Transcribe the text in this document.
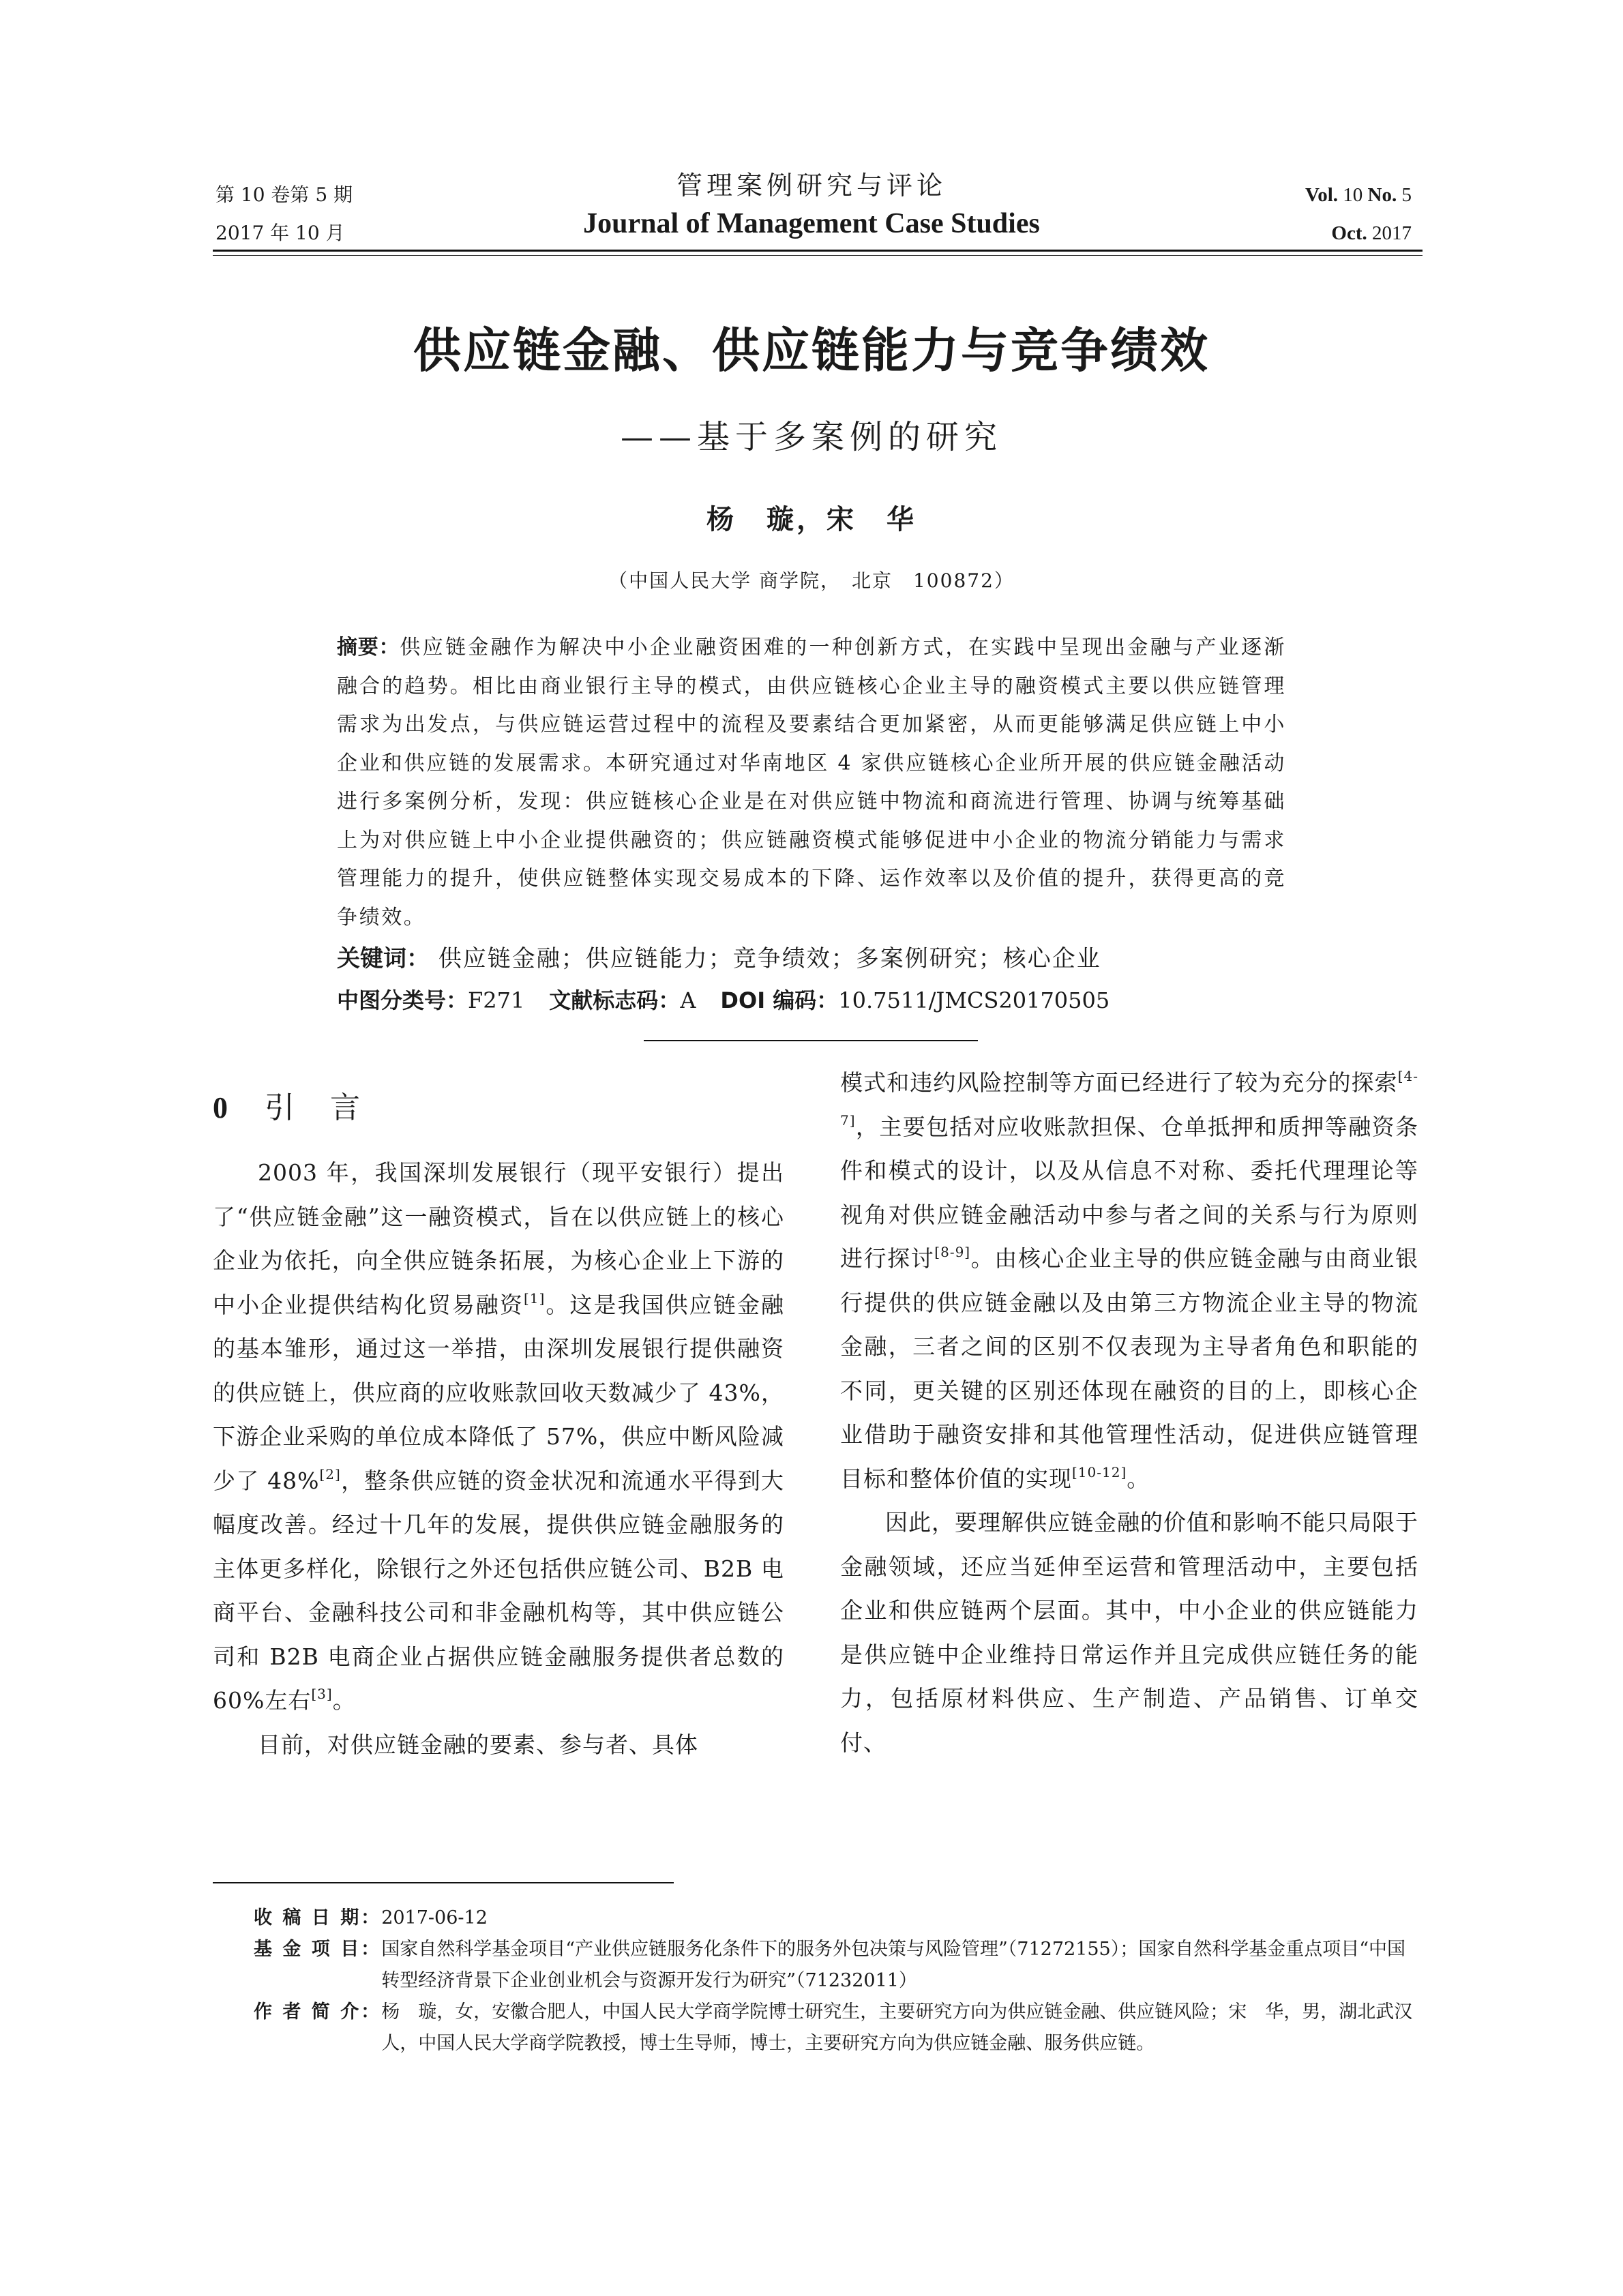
第 10 卷第 5 期
2017 年 10 月
管理案例研究与评论
Journal of Management Case Studies
Vol. 10 No. 5
Oct. 2017
供应链金融、供应链能力与竞争绩效
——基于多案例的研究
杨　璇，宋　华
（中国人民大学 商学院，　北京　100872）
摘要：供应链金融作为解决中小企业融资困难的一种创新方式，在实践中呈现出金融与产业逐渐融合的趋势。相比由商业银行主导的模式，由供应链核心企业主导的融资模式主要以供应链管理需求为出发点，与供应链运营过程中的流程及要素结合更加紧密，从而更能够满足供应链上中小企业和供应链的发展需求。本研究通过对华南地区 4 家供应链核心企业所开展的供应链金融活动进行多案例分析，发现：供应链核心企业是在对供应链中物流和商流进行管理、协调与统筹基础上为对供应链上中小企业提供融资的；供应链融资模式能够促进中小企业的物流分销能力与需求管理能力的提升，使供应链整体实现交易成本的下降、运作效率以及价值的提升，获得更高的竞争绩效。
关键词： 供应链金融；供应链能力；竞争绩效；多案例研究；核心企业
中图分类号：F271 文献标志码：A DOI 编码：10.7511/JMCS20170505
0 引　言

2003 年，我国深圳发展银行（现平安银行）提出了“供应链金融”这一融资模式，旨在以供应链上的核心企业为依托，向全供应链条拓展，为核心企业上下游的中小企业提供结构化贸易融资[1]。这是我国供应链金融的基本雏形，通过这一举措，由深圳发展银行提供融资的供应链上，供应商的应收账款回收天数减少了 43%，下游企业采购的单位成本降低了 57%，供应中断风险减少了 48%[2]，整条供应链的资金状况和流通水平得到大幅度改善。经过十几年的发展，提供供应链金融服务的主体更多样化，除银行之外还包括供应链公司、B2B 电商平台、金融科技公司和非金融机构等，其中供应链公司和 B2B 电商企业占据供应链金融服务提供者总数的 60%左右[3]。

目前，对供应链金融的要素、参与者、具体

模式和违约风险控制等方面已经进行了较为充分的探索[4-7]，主要包括对应收账款担保、仓单抵押和质押等融资条件和模式的设计，以及从信息不对称、委托代理理论等视角对供应链金融活动中参与者之间的关系与行为原则进行探讨[8-9]。由核心企业主导的供应链金融与由商业银行提供的供应链金融以及由第三方物流企业主导的物流金融，三者之间的区别不仅表现为主导者角色和职能的不同，更关键的区别还体现在融资的目的上，即核心企业借助于融资安排和其他管理性活动，促进供应链管理目标和整体价值的实现[10-12]。

因此，要理解供应链金融的价值和影响不能只局限于金融领域，还应当延伸至运营和管理活动中，主要包括企业和供应链两个层面。其中，中小企业的供应链能力是供应链中企业维持日常运作并且完成供应链任务的能力，包括原材料供应、生产制造、产品销售、订单交付、

收 稿 日 期： 2017-06-12
基 金 项 目： 国家自然科学基金项目“产业供应链服务化条件下的服务外包决策与风险管理”（71272155）；国家自然科学基金重点项目“中国转型经济背景下企业创业机会与资源开发行为研究”（71232011）
作 者 简 介： 杨　璇，女，安徽合肥人，中国人民大学商学院博士研究生，主要研究方向为供应链金融、供应链风险；宋　华，男，湖北武汉人，中国人民大学商学院教授，博士生导师，博士，主要研究方向为供应链金融、服务供应链。
